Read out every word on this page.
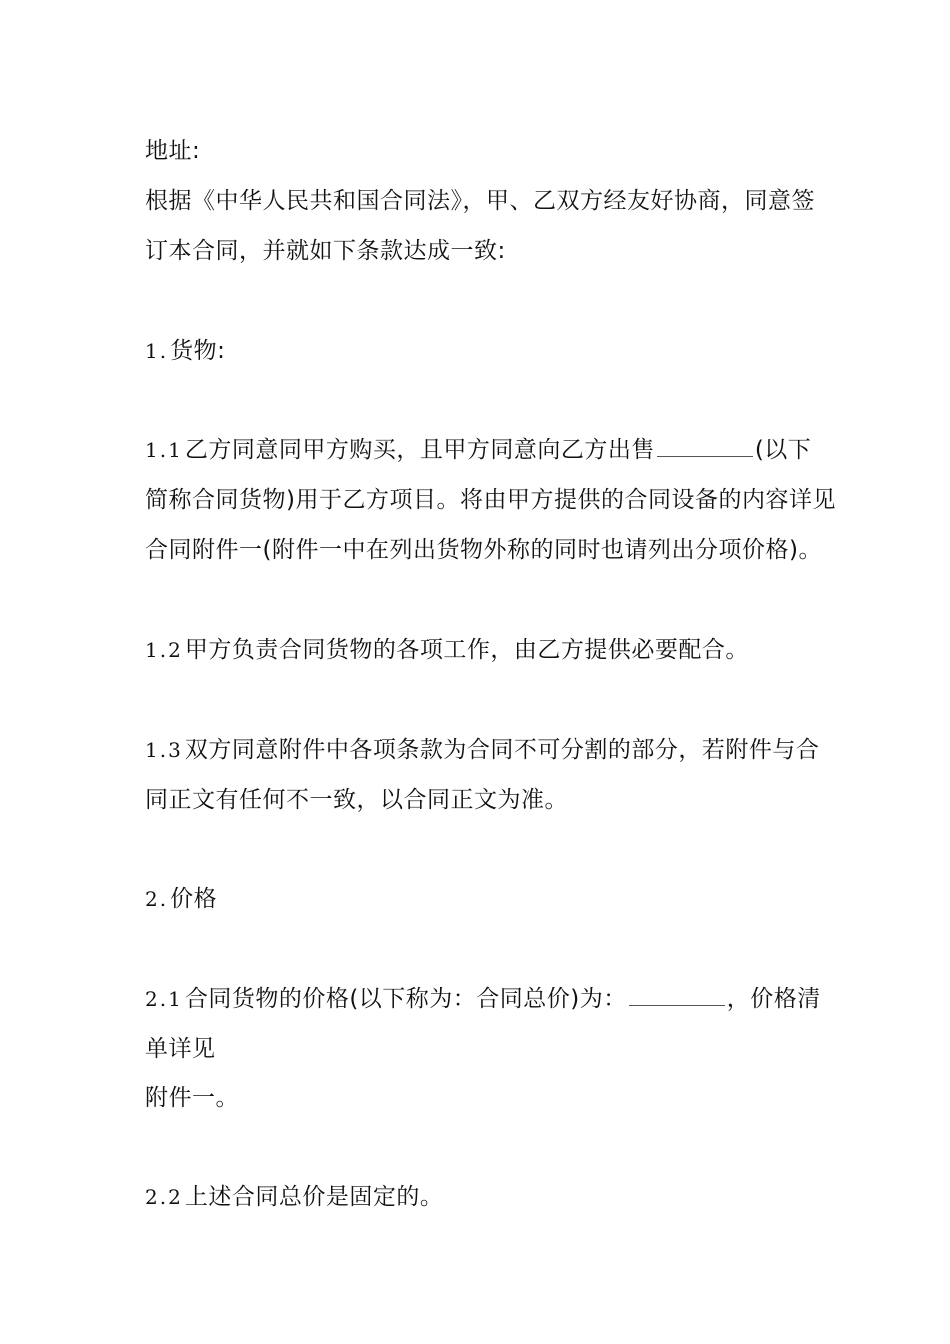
地址:
根据《中华人民共和国合同法》，甲、乙双方经友好协商，同意签
订本合同，并就如下条款达成一致:
1.货物:
1.1乙方同意同甲方购买，且甲方同意向乙方出售	(以下
简称合同货物)用于乙方项目。将由甲方提供的合同设备的内容详见
合同附件一(附件一中在列出货物外称的同时也请列出分项价格)。
1.2甲方负责合同货物的各项工作，由乙方提供必要配合。
1.3双方同意附件中各项条款为合同不可分割的部分，若附件与合
同正文有任何不一致，以合同正文为准。
2.价格
2.1合同货物的价格(以下称为：合同总价)为：	，价格清
单详见
附件一。
2.2上述合同总价是固定的。
